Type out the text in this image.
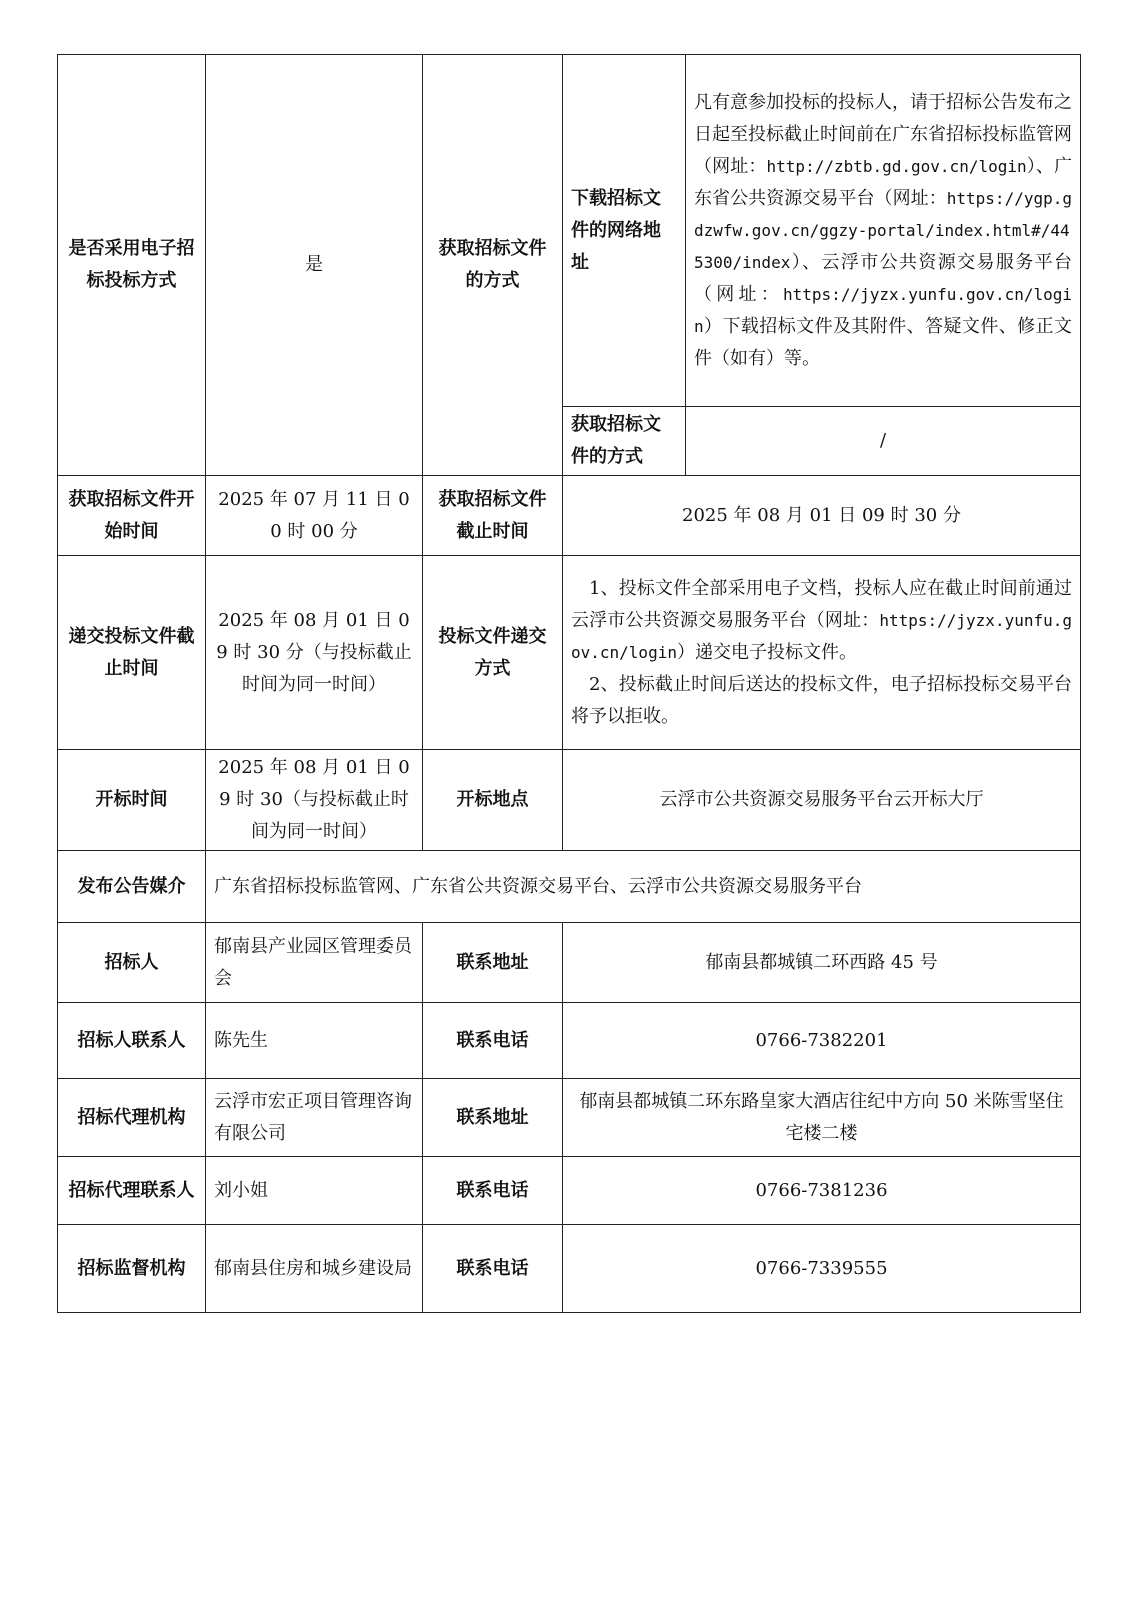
是否采用电子招标投标方式	是	获取招标文件的方式	下载招标文件的网络地址	凡有意参加投标的投标人，请于招标公告发布之日起至投标截止时间前在广东省招标投标监管网（网址：http://zbtb.gd.gov.cn/login）、广东省公共资源交易平台（网址：https://ygp.gdzwfw.gov.cn/ggzy-portal/index.html#/445300/index）、云浮市公共资源交易服务平台（网址：https://jyzx.yunfu.gov.cn/login）下载招标文件及其附件、答疑文件、修正文件（如有）等。
			获取招标文件的方式	/
获取招标文件开始时间	2025 年 07 月 11 日 00 时 00 分	获取招标文件截止时间	2025 年 08 月 01 日 09 时 30 分	
递交投标文件截止时间	2025 年 08 月 01 日 09 时 30 分（与投标截止时间为同一时间）	投标文件递交方式	1、投标文件全部采用电子文档，投标人应在截止时间前通过云浮市公共资源交易服务平台（网址：https://jyzx.yunfu.gov.cn/login）递交电子投标文件。
2、投标截止时间后送达的投标文件，电子招标投标交易平台将予以拒收。	

开标时间	2025 年 08 月 01 日 09 时 30（与投标截止时间为同一时间）	开标地点	云浮市公共资源交易服务平台云开标大厅	
发布公告媒介	广东省招标投标监管网、广东省公共资源交易平台、云浮市公共资源交易服务平台			
招标人	郁南县产业园区管理委员会	联系地址	郁南县都城镇二环西路 45 号	
招标人联系人	陈先生	联系电话	0766-7382201	
招标代理机构	云浮市宏正项目管理咨询有限公司	联系地址	郁南县都城镇二环东路皇家大酒店往纪中方向 50 米陈雪坚住宅楼二楼	
招标代理联系人	刘小姐	联系电话	0766-7381236	
招标监督机构	郁南县住房和城乡建设局	联系电话	0766-7339555	
